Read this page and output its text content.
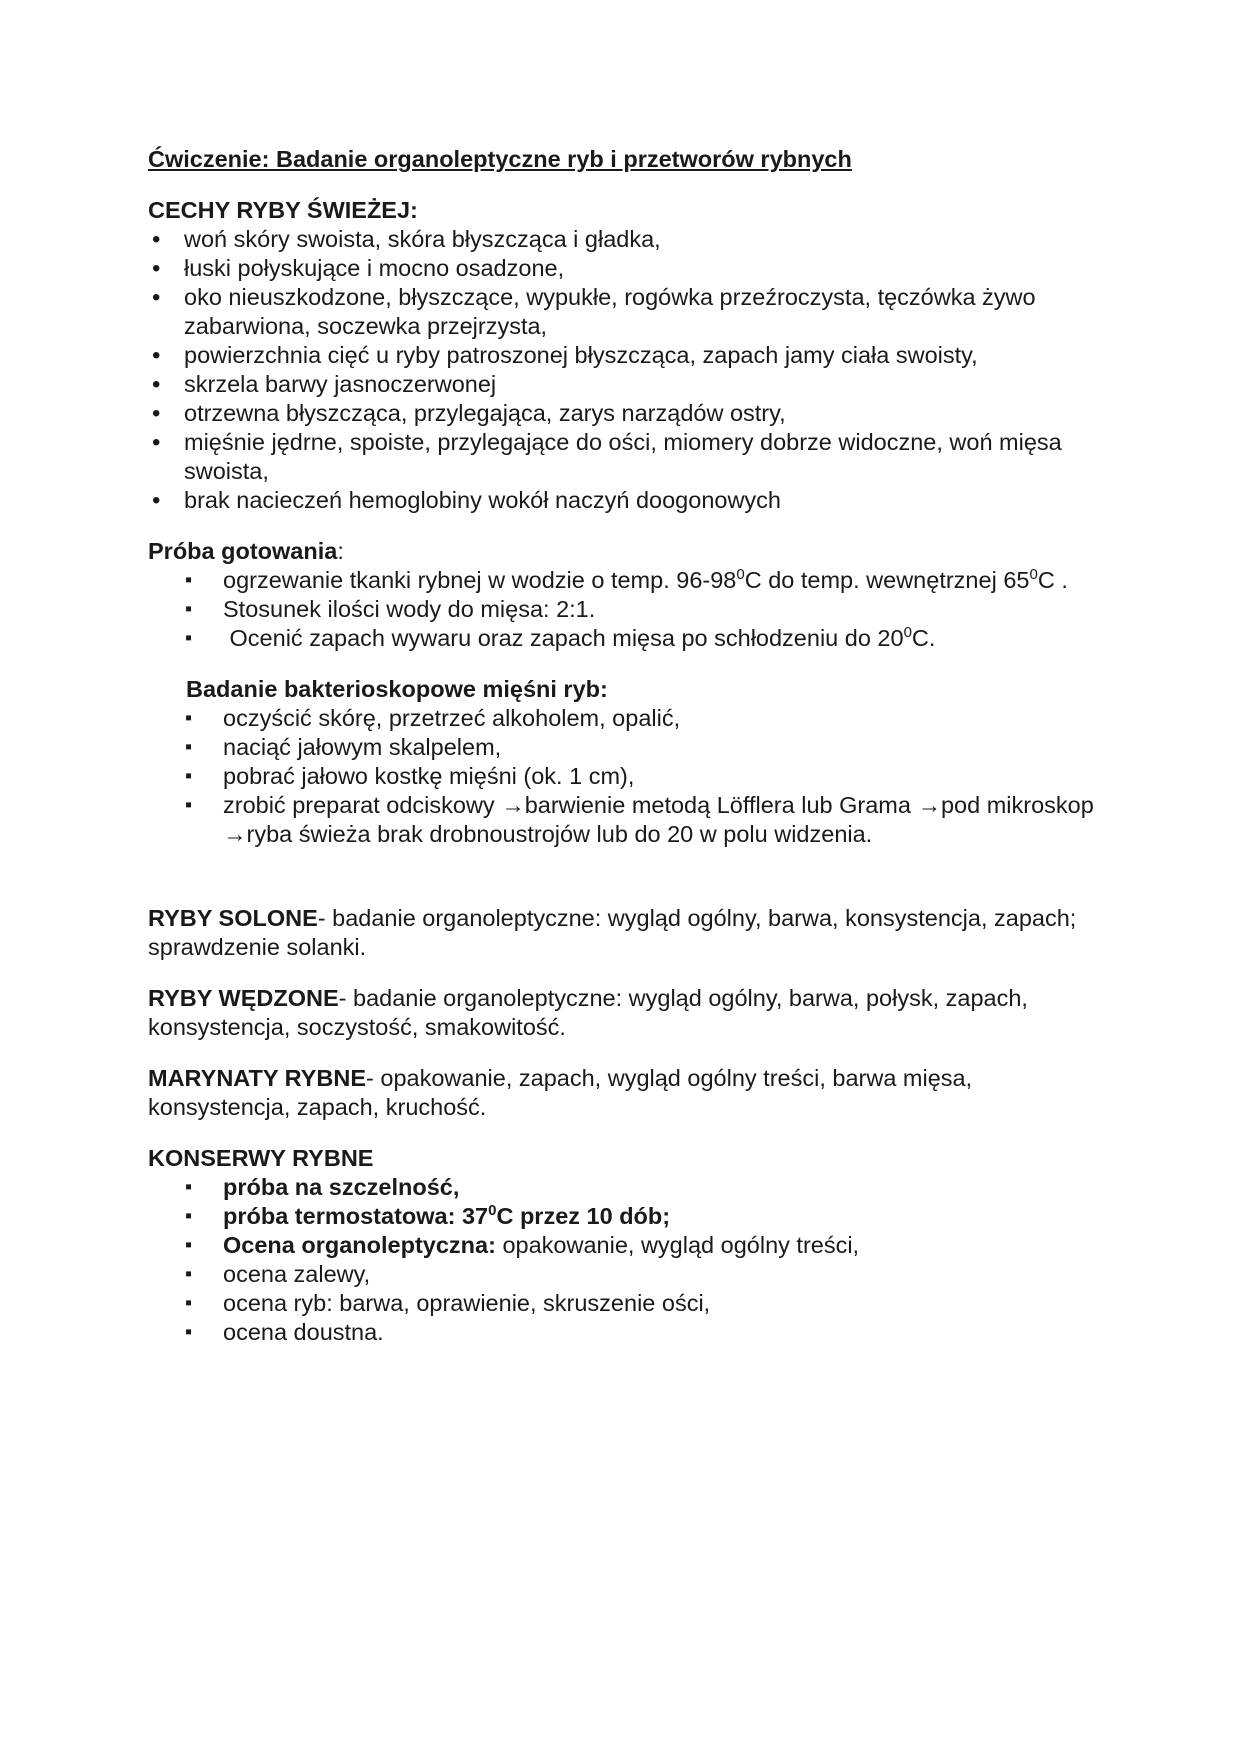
Ćwiczenie: Badanie organoleptyczne ryb i przetworów rybnych

CECHY RYBY ŚWIEŻEJ:

• woń skóry swoista, skóra błyszcząca i gładka,
• łuski połyskujące i mocno osadzone,
• oko nieuszkodzone, błyszczące, wypukłe, rogówka przeźroczysta, tęczówka żywo zabarwiona, soczewka przejrzysta,
• powierzchnia cięć u ryby patroszonej błyszcząca, zapach jamy ciała swoisty,
• skrzela barwy jasnoczerwonej
• otrzewna błyszcząca, przylegająca, zarys narządów ostry,
• mięśnie jędrne, spoiste, przylegające do ości, miomery dobrze widoczne, woń mięsa swoista,
• brak nacieczeń hemoglobiny wokół naczyń doogonowych

Próba gotowania:

▪ ogrzewanie tkanki rybnej w wodzie o temp. $96-98^0C$ do temp. wewnętrznej $65^0C$ .
▪ Stosunek ilości wody do mięsa: 2:1.
▪  Ocenić zapach wywaru oraz zapach mięsa po schłodzeniu do $20^0C$.

Badanie bakterioskopowe mięśni ryb:

▪ oczyścić skórę, przetrzeć alkoholem, opalić,
▪ naciąć jałowym skalpelem,
▪ pobrać jałowo kostkę mięśni (ok. 1 cm),
▪ zrobić preparat odciskowy →barwienie metodą Löfflera lub Grama →pod mikroskop →ryba świeża brak drobnoustrojów lub do 20 w polu widzenia.

RYBY SOLONE- badanie organoleptyczne: wygląd ogólny, barwa, konsystencja, zapach; sprawdzenie solanki.

RYBY WĘDZONE- badanie organoleptyczne: wygląd ogólny, barwa, połysk, zapach, konsystencja, soczystość, smakowitość.

MARYNATY RYBNE- opakowanie, zapach, wygląd ogólny treści, barwa mięsa, konsystencja, zapach, kruchość.

KONSERWY RYBNE

▪ próba na szczelność,
▪ próba termostatowa: $37^0C$ przez 10 dób;
▪ Ocena organoleptyczna: opakowanie, wygląd ogólny treści,
▪ ocena zalewy,
▪ ocena ryb: barwa, oprawienie, skruszenie ości,
▪ ocena doustna.
